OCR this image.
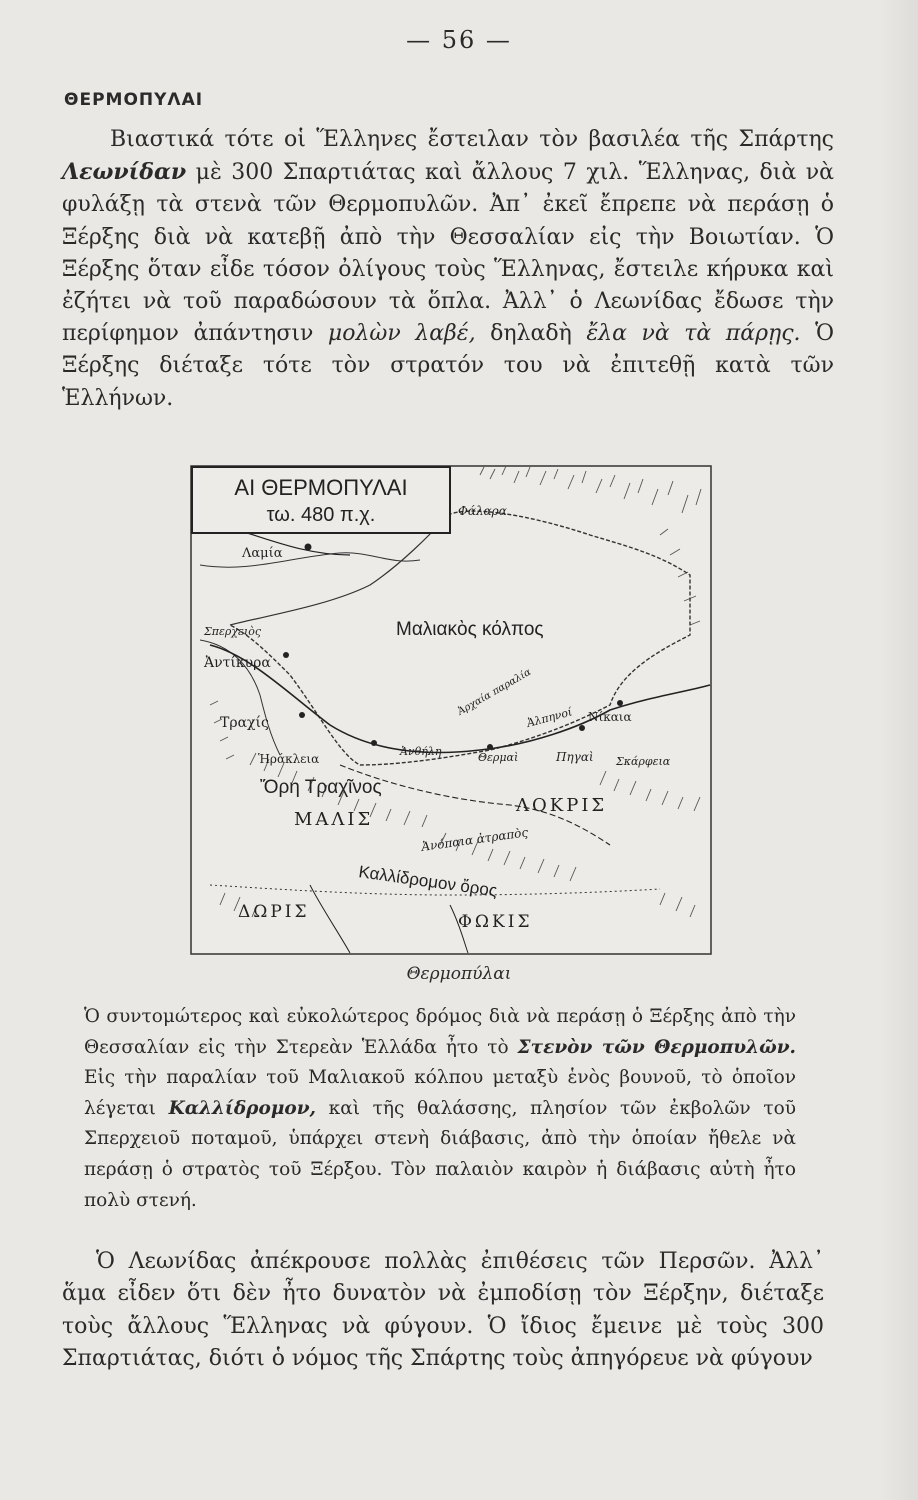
— 56 —
ΘΕΡΜΟΠΥΛΑΙ

Βιαστικά τότε οἱ Ἕλληνες ἔστειλαν τὸν βασιλέα τῆς Σπάρτης Λεωνίδαν μὲ 300 Σπαρτιάτας καὶ ἄλλους 7 χιλ. Ἕλληνας, διὰ νὰ φυλάξῃ τὰ στενὰ τῶν Θερμοπυλῶν. Ἀπ᾿ ἐκεῖ ἔπρεπε νὰ περάσῃ ὁ Ξέρξης διὰ νὰ κατεβῇ ἀπὸ τὴν Θεσσαλίαν εἰς τὴν Βοιωτίαν. Ὁ Ξέρξης ὅταν εἶδε τόσον ὀλίγους τοὺς Ἕλληνας, ἔστειλε κήρυκα καὶ ἐζήτει νὰ τοῦ παραδώσουν τὰ ὅπλα. Ἀλλ᾿ ὁ Λεωνίδας ἔδωσε τὴν περίφημον ἀπάντησιν μολὼν λαβέ, δηλαδὴ ἔλα νὰ τὰ πάρῃς. Ὁ Ξέρξης διέταξε τότε τὸν στρατόν του νὰ ἐπιτεθῇ κατὰ τῶν Ἑλλήνων.

ΑΙ ΘΕΡΜΟΠΥΛΑΙ
τω. 480 π.χ.	Φάλαρα
Λαμία
Μαλιακὸς κόλπος
Σπερχειὸς
Ἀντίκυρα
Τραχίς
Ἡράκλεια
Ὄρη Τραχῖνος
ΜΑΛΙΣ
ΛΟΚΡΙΣ
Ἀνόπαια ἀτραπὸς
Καλλίδρομον ὄρος
ΔΩΡΙΣ	ΦΩΚΙΣ
Νίκαια
Θερμαὶ	Πηγαὶ
Ἀλπηνοί
Ἀνθήλη
Σκάρφεια
Ἀρχαία παραλία
Θερμοπύλαι

Ὁ συντομώτερος καὶ εὐκολώτερος δρόμος διὰ νὰ περάσῃ ὁ Ξέρξης ἀπὸ τὴν Θεσσαλίαν εἰς τὴν Στερεὰν Ἑλλάδα ἦτο τὸ Στενὸν τῶν Θερμοπυλῶν. Εἰς τὴν παραλίαν τοῦ Μαλιακοῦ κόλπου μεταξὺ ἑνὸς βουνοῦ, τὸ ὁποῖον λέγεται Καλλίδρομον, καὶ τῆς θαλάσσης, πλησίον τῶν ἐκβολῶν τοῦ Σπερχειοῦ ποταμοῦ, ὑπάρχει στενὴ διάβασις, ἀπὸ τὴν ὁποίαν ἤθελε νὰ περάσῃ ὁ στρατὸς τοῦ Ξέρξου. Τὸν παλαιὸν καιρὸν ἡ διάβασις αὐτὴ ἦτο πολὺ στενή.

Ὁ Λεωνίδας ἀπέκρουσε πολλὰς ἐπιθέσεις τῶν Περσῶν. Ἀλλ᾿ ἅμα εἶδεν ὅτι δὲν ἦτο δυνατὸν νὰ ἐμποδίσῃ τὸν Ξέρξην, διέταξε τοὺς ἄλλους Ἕλληνας νὰ φύγουν. Ὁ ἴδιος ἔμεινε μὲ τοὺς 300 Σπαρτιάτας, διότι ὁ νόμος τῆς Σπάρτης τοὺς ἀπηγόρευε νὰ φύγουν
